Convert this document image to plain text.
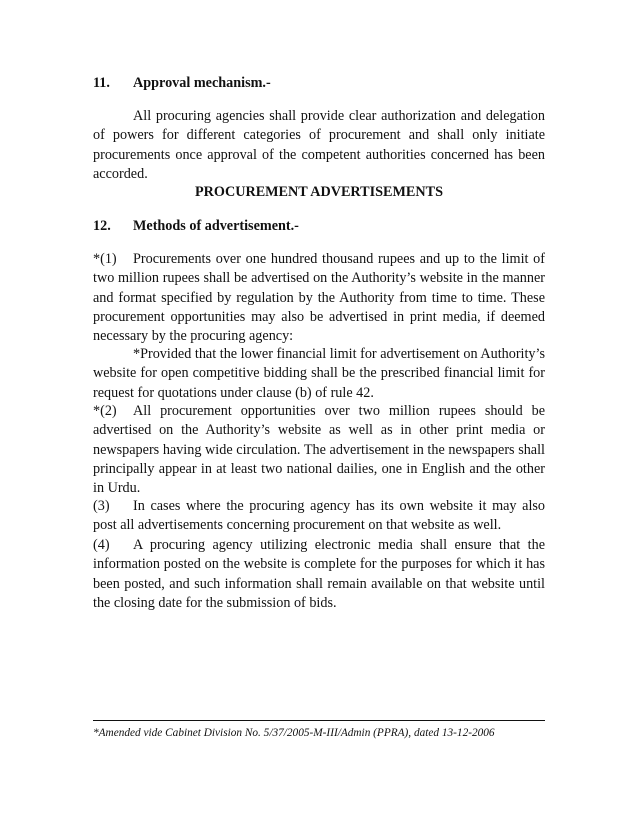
11. Approval mechanism.-
All procuring agencies shall provide clear authorization and delegation of powers for different categories of procurement and shall only initiate procurements once approval of the competent authorities concerned has been accorded.
PROCUREMENT ADVERTISEMENTS
12. Methods of advertisement.-
*(1) Procurements over one hundred thousand rupees and up to the limit of two million rupees shall be advertised on the Authority’s website in the manner and format specified by regulation by the Authority from time to time. These procurement opportunities may also be advertised in print media, if deemed necessary by the procuring agency:
*Provided that the lower financial limit for advertisement on Authority’s website for open competitive bidding shall be the prescribed financial limit for request for quotations under clause (b) of rule 42.
*(2) All procurement opportunities over two million rupees should be advertised on the Authority’s website as well as in other print media or newspapers having wide circulation. The advertisement in the newspapers shall principally appear in at least two national dailies, one in English and the other in Urdu.
(3) In cases where the procuring agency has its own website it may also post all advertisements concerning procurement on that website as well.
(4) A procuring agency utilizing electronic media shall ensure that the information posted on the website is complete for the purposes for which it has been posted, and such information shall remain available on that website until the closing date for the submission of bids.
*Amended vide Cabinet Division No. 5/37/2005-M-III/Admin (PPRA), dated 13-12-2006
